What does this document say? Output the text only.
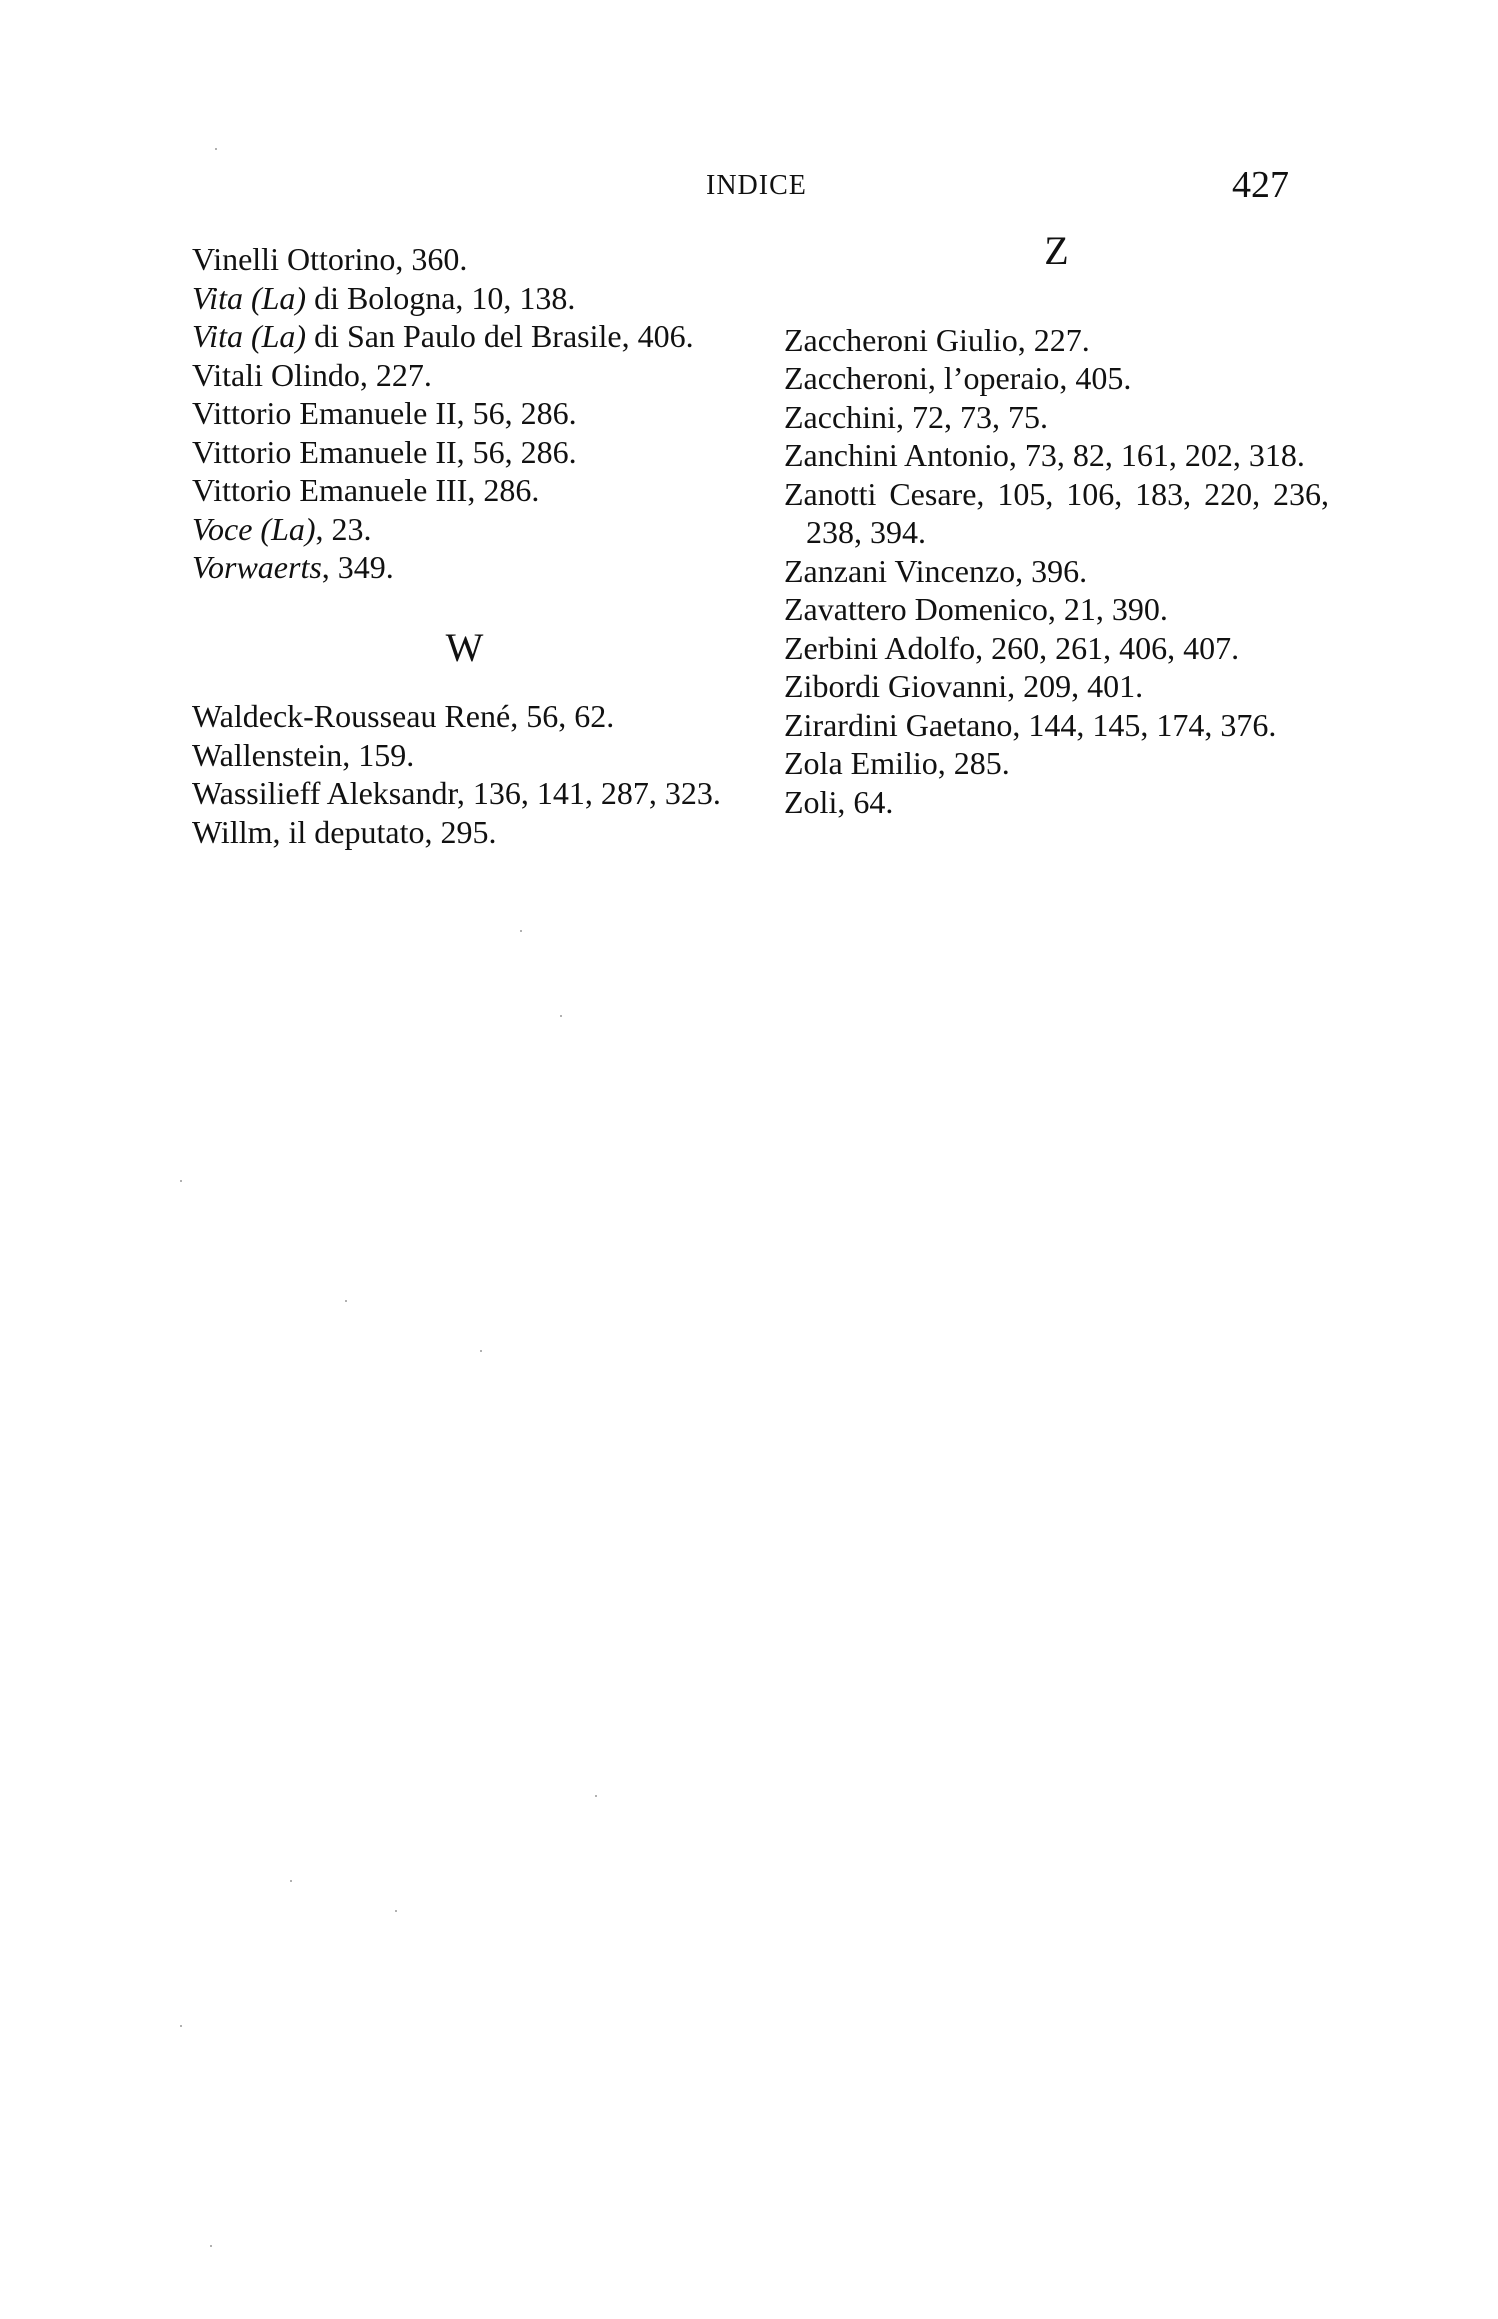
INDICE	427

Vinelli Ottorino, 360.

Vita (La) di Bologna, 10, 138.

Vita (La) di San Paulo del Brasile, 406.

Vitali Olindo, 227.

Vittorio Emanuele II, 56, 286.

Vittorio Emanuele II, 56, 286.

Vittorio Emanuele III, 286.

Voce (La), 23.

Vorwaerts, 349.

W

Waldeck-Rousseau René, 56, 62.

Wallenstein, 159.

Wassilieff Aleksandr, 136, 141, 287, 323.

Willm, il deputato, 295.

Z

Zaccheroni Giulio, 227.

Zaccheroni, l’operaio, 405.

Zacchini, 72, 73, 75.

Zanchini Antonio, 73, 82, 161, 202, 318.

Zanotti Cesare, 105, 106, 183, 220, 236, 238, 394.

Zanzani Vincenzo, 396.

Zavattero Domenico, 21, 390.

Zerbini Adolfo, 260, 261, 406, 407.

Zibordi Giovanni, 209, 401.

Zirardini Gaetano, 144, 145, 174, 376.

Zola Emilio, 285.

Zoli, 64.
